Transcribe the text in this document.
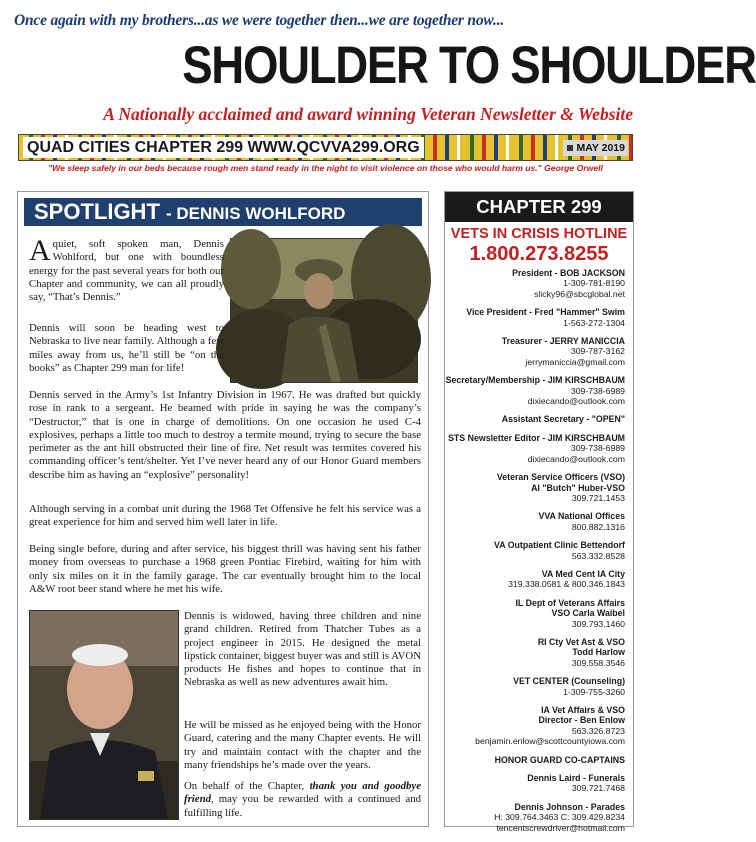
Once again with my brothers...as we were together then...we are together now...
SHOULDER TO SHOULDER
A Nationally acclaimed and award winning Veteran Newsletter & Website
QUAD CITIES CHAPTER 299 WWW.QCVVA299.ORG	MAY 2019
"We sleep safely in our beds because rough men stand ready in the night to visit violence on those who would harm us." George Orwell
SPOTLIGHT - DENNIS WOHLFORD
Aquiet, soft spoken man, Dennis Wohlford, but one with boundless energy for the past several years for both our Chapter and community, we can all proudly say, “That’s Dennis.”
Dennis will soon be heading west to Nebraska to live near family. Although a few miles away from us, he’ll still be “on the books” as Chapter 299 man for life!
Dennis served in the Army’s 1st Infantry Division in 1967. He was drafted but quickly rose in rank to a sergeant. He beamed with pride in saying he was the company’s “Destructor,” that is one in charge of demolitions. On one occasion he used C-4 explosives, perhaps a little too much to destroy a termite mound, trying to secure the base perimeter as the ant hill obstructed their line of fire. Net result was termites covered his commanding officer’s tent/shelter. Yet I’ve never heard any of our Honor Guard members describe him as having an “explosive” personality!
Although serving in a combat unit during the 1968 Tet Offensive he felt his service was a great experience for him and served him well later in life.
Being single before, during and after service, his biggest thrill was having sent his father money from overseas to purchase a 1968 green Pontiac Firebird, waiting for him with only six miles on it in the family garage. The car eventually brought him to the local A&W root beer stand where he met his wife.
Dennis is widowed, having three children and nine grand children. Retired from Thatcher Tubes as a project engineer in 2015. He designed the metal lipstick container, biggest buyer was and still is AVON products He fishes and hopes to continue that in Nebraska as well as new adventures await him.
He will be missed as he enjoyed being with the Honor Guard, catering and the many Chapter events. He will try and maintain contact with the chapter and the many friendships he’s made over the years.
On behalf of the Chapter, thank you and goodbye friend, may you be rewarded with a continued and fulfilling life.
CHAPTER 299
VETS IN CRISIS HOTLINE
1.800.273.8255
President - BOB JACKSON
1-309-781-8190
slicky96@sbcglobal.net
Vice President - Fred "Hammer" Swim
1-563-272-1304
Treasurer - JERRY MANICCIA
309-787-3162
jerrymaniccia@gmail.com
Secretary/Membership - JIM KIRSCHBAUM
309-738-6989
dixiecando@outlook.com
Assistant Secretary - "OPEN"
STS Newsletter Editor - JIM KIRSCHBAUM
309-738-6989
dixiecando@outlook.com
Veteran Service Officers (VSO)
Al "Butch" Huber-VSO
309.721.1453
VVA National Offices
800.882.1316
VA Outpatient Clinic Bettendorf
563.332.8528
VA Med Cent IA City
319.338.0581 & 800.346.1843
IL Dept of Veterans Affairs
VSO Carla Waibel
309.793.1460
RI Cty Vet Ast & VSO
Todd Harlow
309.558.3546
VET CENTER (Counseling)
1-309-755-3260
IA Vet Affairs & VSO
Director - Ben Enlow
563.326.8723
benjamin.enlow@scottcountyiowa.com
HONOR GUARD CO-CAPTAINS
Dennis Laird - Funerals
309.721.7468
Dennis Johnson - Parades
H: 309.764.3463 C: 309.429.8234
tencentscrewdriver@hotmail.com
